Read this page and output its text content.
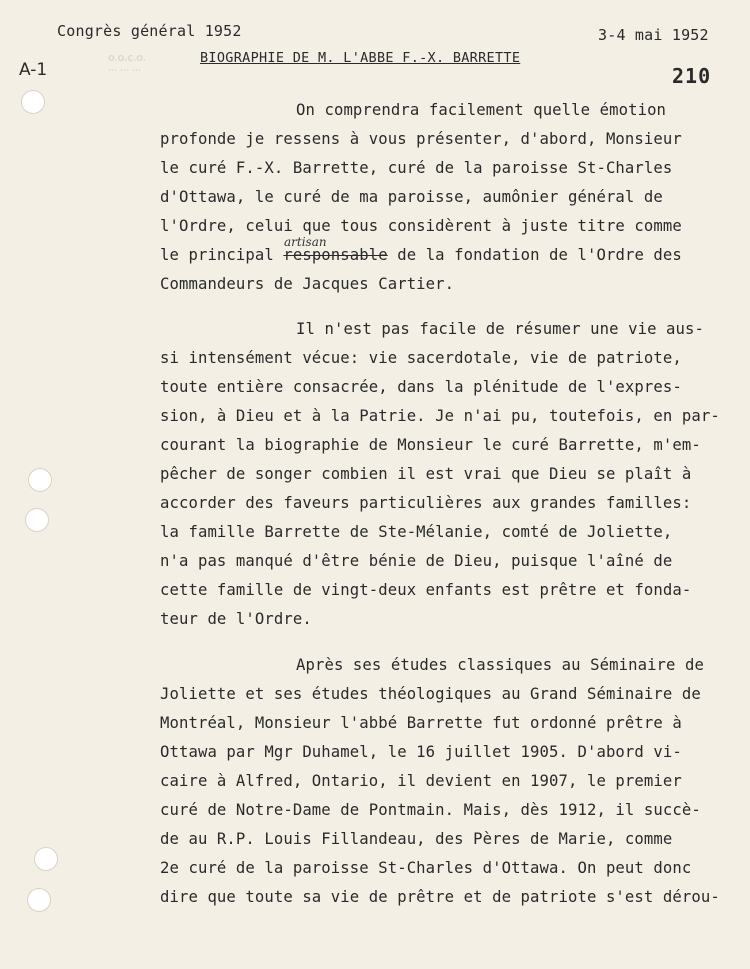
Congrès général 1952	3-4 mai 1952
BIOGRAPHIE DE M. L'ABBE F.-X. BARRETTE
210
A-1
O.O.C.O.
... ... ...
On comprendra facilement quelle émotion
profonde je ressens à vous présenter, d'abord, Monsieur
le curé F.-X. Barrette, curé de la paroisse St-Charles
d'Ottawa, le curé de ma paroisse, aumônier général de
l'Ordre, celui que tous considèrent à juste titre comme
le principal responsable de la fondation de l'Ordre des
artisan
Commandeurs de Jacques Cartier.
Il n'est pas facile de résumer une vie aus-
si intensément vécue: vie sacerdotale, vie de patriote,
toute entière consacrée, dans la plénitude de l'expres-
sion, à Dieu et à la Patrie. Je n'ai pu, toutefois, en par-
courant la biographie de Monsieur le curé Barrette, m'em-
pêcher de songer combien il est vrai que Dieu se plaît à
accorder des faveurs particulières aux grandes familles:
la famille Barrette de Ste-Mélanie, comté de Joliette,
n'a pas manqué d'être bénie de Dieu, puisque l'aîné de
cette famille de vingt-deux enfants est prêtre et fonda-
teur de l'Ordre.
Après ses études classiques au Séminaire de
Joliette et ses études théologiques au Grand Séminaire de
Montréal, Monsieur l'abbé Barrette fut ordonné prêtre à
Ottawa par Mgr Duhamel, le 16 juillet 1905. D'abord vi-
caire à Alfred, Ontario, il devient en 1907, le premier
curé de Notre-Dame de Pontmain. Mais, dès 1912, il succè-
de au R.P. Louis Fillandeau, des Pères de Marie, comme
2e curé de la paroisse St-Charles d'Ottawa. On peut donc
dire que toute sa vie de prêtre et de patriote s'est dérou-
